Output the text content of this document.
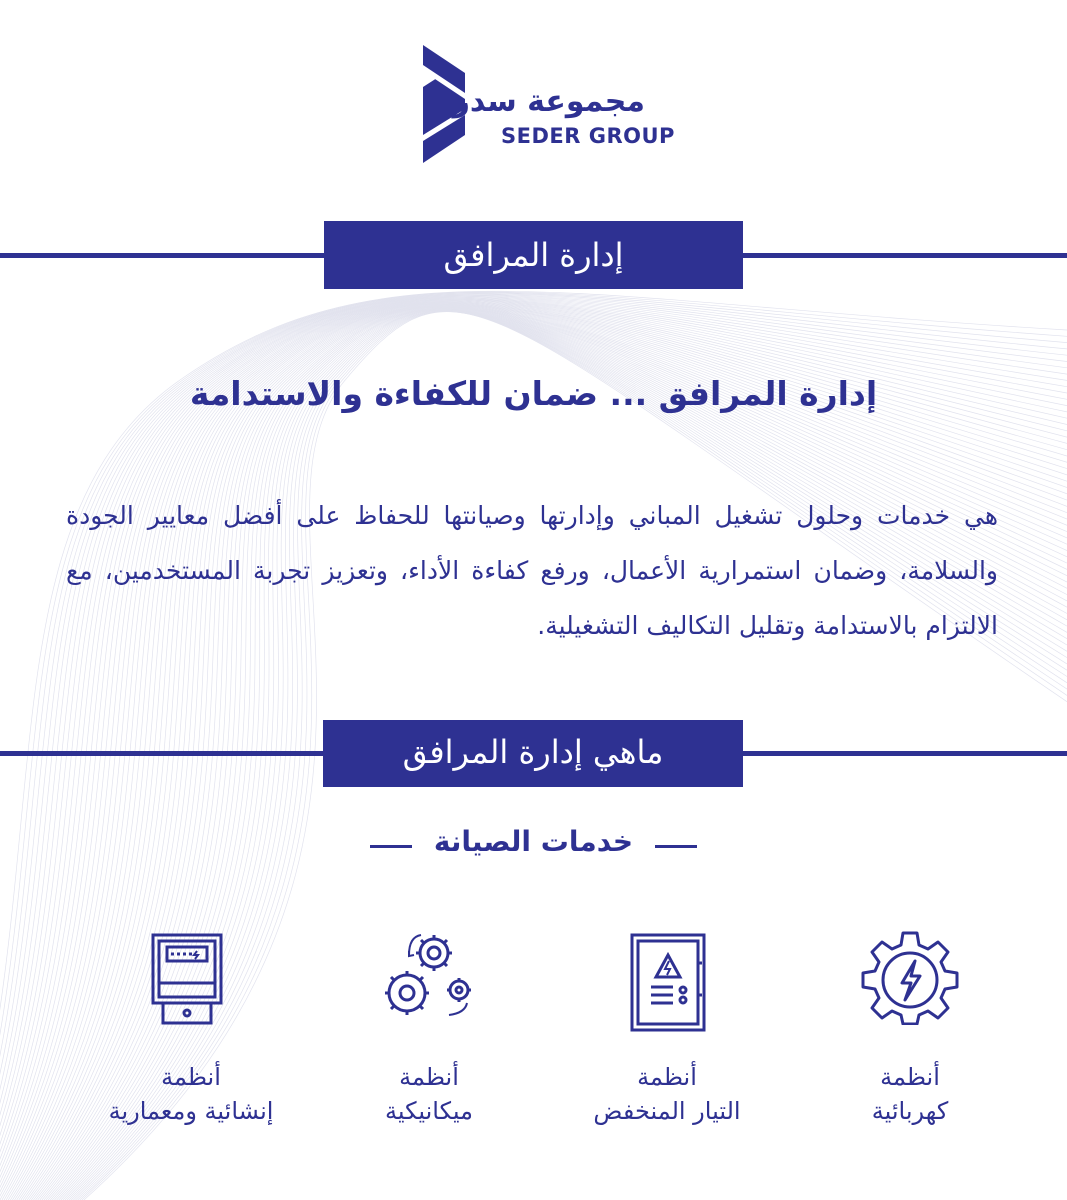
مجموعة سدر
SEDER GROUP
إدارة المرافق
إدارة المرافق ... ضمان للكفاءة والاستدامة
هي خدمات وحلول تشغيل المباني وإدارتها وصيانتها للحفاظ على أفضل معايير الجودة والسلامة، وضمان استمرارية الأعمال، ورفع كفاءة الأداء، وتعزيز تجربة المستخدمين، مع الالتزام بالاستدامة وتقليل التكاليف التشغيلية.
ماهي إدارة المرافق
خدمات الصيانة
أنظمة
كهربائية
أنظمة
التيار المنخفض
أنظمة
ميكانيكية
أنظمة
إنشائية ومعمارية
